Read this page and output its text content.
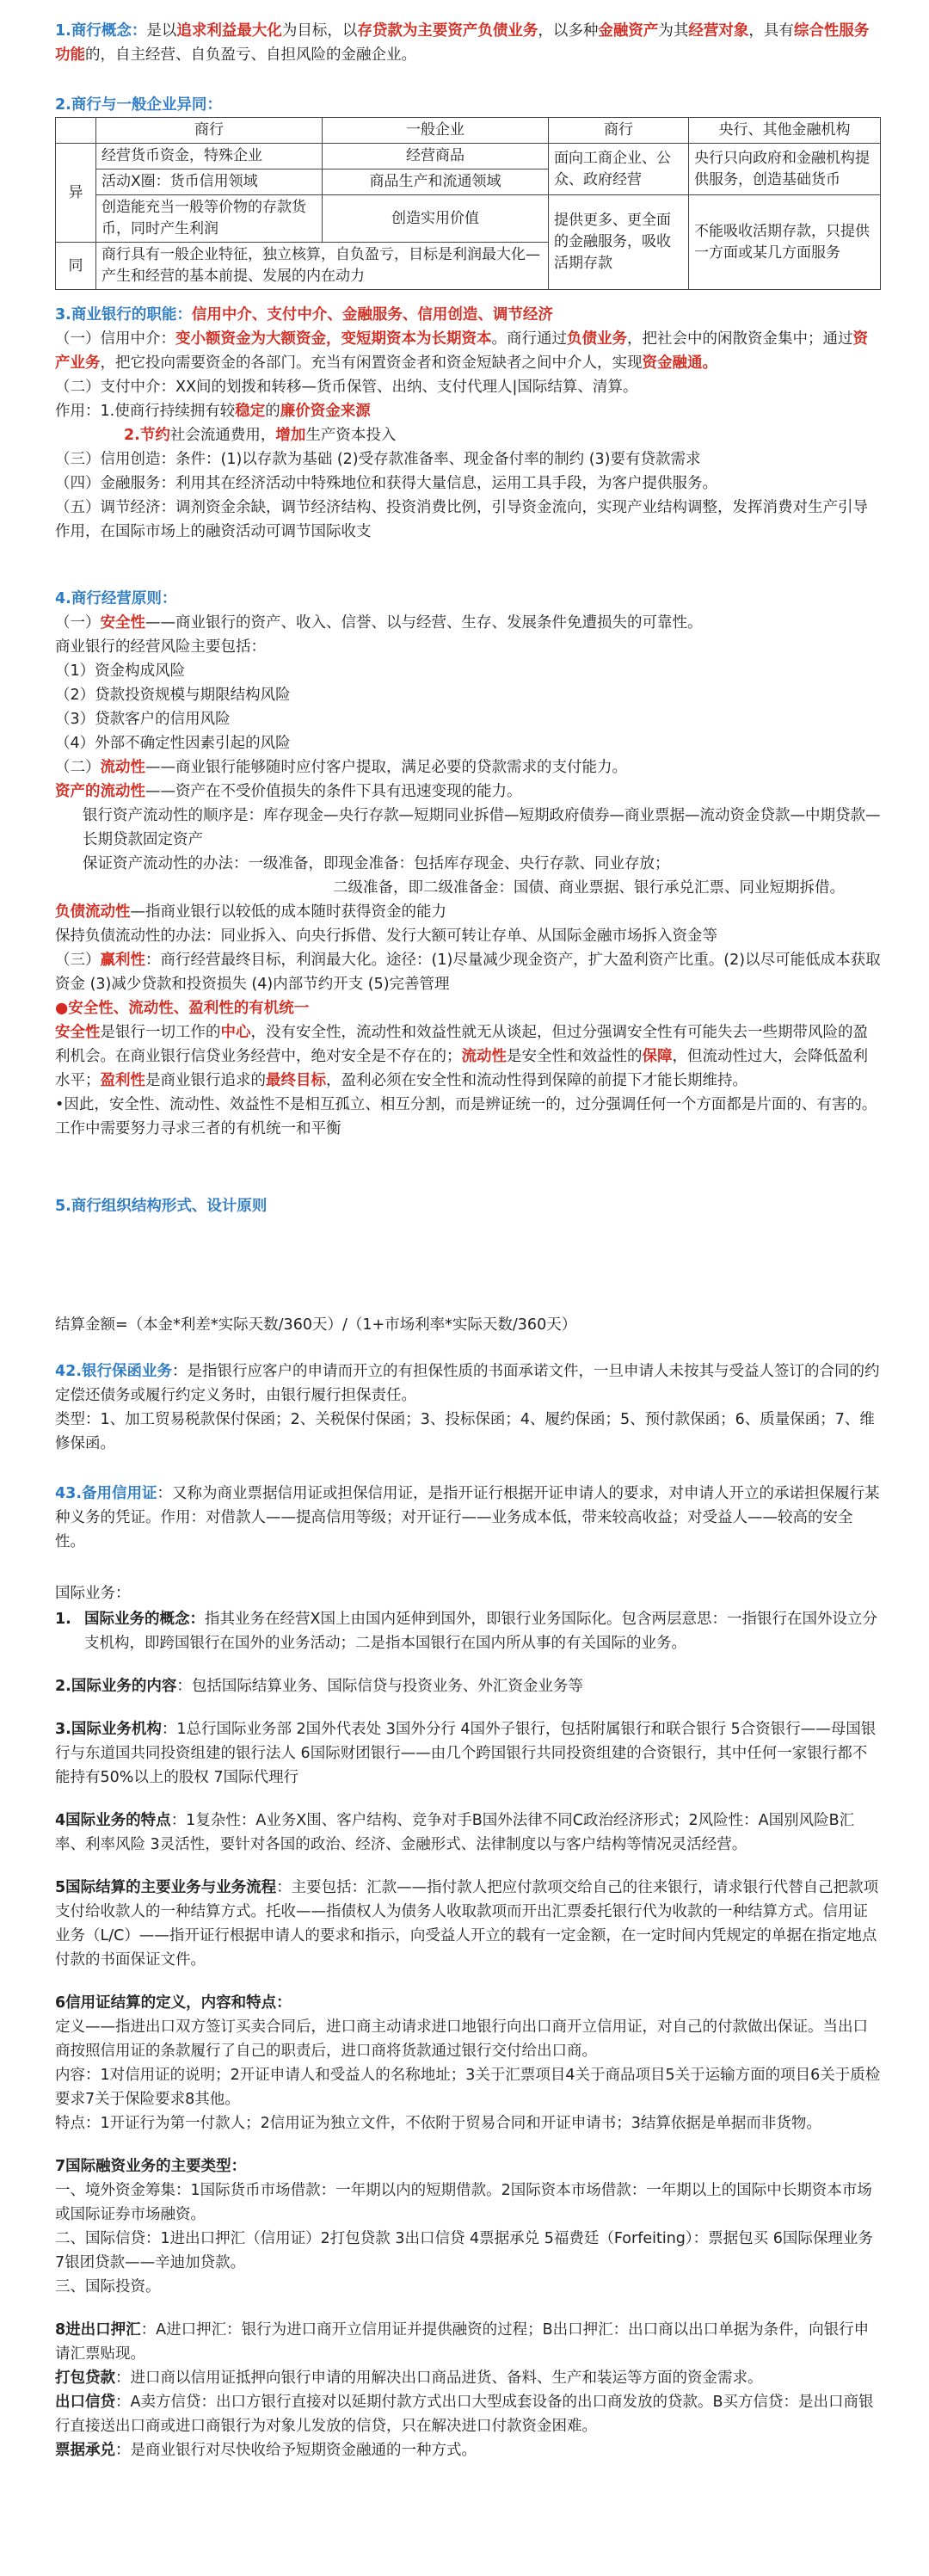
1.商行概念：是以追求利益最大化为目标，以存贷款为主要资产负债业务，以多种金融资产为其经营对象，具有综合性服务功能的，自主经营、自负盈亏、自担风险的金融企业。

2.商行与一般企业异同：

	商行	一般企业	商行	央行、其他金融机构
异	经营货币资金，特殊企业	经营商品	面向工商企业、公众、政府经营	央行只向政府和金融机构提供服务，创造基础货币
	活动X圈：货币信用领域	商品生产和流通领域		
	创造能充当一般等价物的存款货币，同时产生利润	创造实用价值	提供更多、更全面的金融服务，吸收活期存款	不能吸收活期存款，只提供一方面或某几方面服务
同	商行具有一般企业特征，独立核算，自负盈亏，目标是利润最大化—产生和经营的基本前提、发展的内在动力			

3.商业银行的职能：信用中介、支付中介、金融服务、信用创造、调节经济

（一）信用中介：变小额资金为大额资金，变短期资本为长期资本。商行通过负债业务，把社会中的闲散资金集中；通过资产业务，把它投向需要资金的各部门。充当有闲置资金者和资金短缺者之间中介人，实现资金融通。

（二）支付中介：XX间的划拨和转移—货币保管、出纳、支付代理人|国际结算、清算。

作用：1.使商行持续拥有较稳定的廉价资金来源

2.节约社会流通费用，增加生产资本投入

（三）信用创造：条件：(1)以存款为基础 (2)受存款准备率、现金备付率的制约 (3)要有贷款需求

（四）金融服务：利用其在经济活动中特殊地位和获得大量信息，运用工具手段，为客户提供服务。

（五）调节经济：调剂资金余缺，调节经济结构、投资消费比例，引导资金流向，实现产业结构调整，发挥消费对生产引导作用，在国际市场上的融资活动可调节国际收支

4.商行经营原则：

（一）安全性——商业银行的资产、收入、信誉、以与经营、生存、发展条件免遭损失的可靠性。

商业银行的经营风险主要包括：

（1）资金构成风险

（2）贷款投资规模与期限结构风险

（3）贷款客户的信用风险

（4）外部不确定性因素引起的风险

（二）流动性——商业银行能够随时应付客户提取，满足必要的贷款需求的支付能力。

资产的流动性——资产在不受价值损失的条件下具有迅速变现的能力。

银行资产流动性的顺序是：库存现金—央行存款—短期同业拆借—短期政府债券—商业票据—流动资金贷款—中期贷款—长期贷款固定资产

保证资产流动性的办法：一级准备，即现金准备：包括库存现金、央行存款、同业存放；

二级准备，即二级准备金：国债、商业票据、银行承兑汇票、同业短期拆借。

负债流动性—指商业银行以较低的成本随时获得资金的能力

保持负债流动性的办法：同业拆入、向央行拆借、发行大额可转让存单、从国际金融市场拆入资金等

（三）赢利性：商行经营最终目标，利润最大化。途径：(1)尽量减少现金资产，扩大盈利资产比重。(2)以尽可能低成本获取资金 (3)减少贷款和投资损失 (4)内部节约开支 (5)完善管理

●安全性、流动性、盈利性的有机统一

安全性是银行一切工作的中心，没有安全性，流动性和效益性就无从谈起，但过分强调安全性有可能失去一些期带风险的盈利机会。在商业银行信贷业务经营中，绝对安全是不存在的；流动性是安全性和效益性的保障，但流动性过大，会降低盈利水平；盈利性是商业银行追求的最终目标，盈利必须在安全性和流动性得到保障的前提下才能长期维持。

•因此，安全性、流动性、效益性不是相互孤立、相互分割，而是辨证统一的，过分强调任何一个方面都是片面的、有害的。工作中需要努力寻求三者的有机统一和平衡

5.商行组织结构形式、设计原则

结算金额=（本金*利差*实际天数/360天）/（1+市场利率*实际天数/360天）

42.银行保函业务：是指银行应客户的申请而开立的有担保性质的书面承诺文件，一旦申请人未按其与受益人签订的合同的约定偿还债务或履行约定义务时，由银行履行担保责任。

类型：1、加工贸易税款保付保函；2、关税保付保函；3、投标保函；4、履约保函；5、预付款保函；6、质量保函；7、维修保函。

43.备用信用证：又称为商业票据信用证或担保信用证，是指开证行根据开证申请人的要求，对申请人开立的承诺担保履行某种义务的凭证。作用：对借款人——提高信用等级；对开证行——业务成本低，带来较高收益；对受益人——较高的安全性。

国际业务：

1. 国际业务的概念：指其业务在经营X国上由国内延伸到国外，即银行业务国际化。包含两层意思：一指银行在国外设立分支机构，即跨国银行在国外的业务活动；二是指本国银行在国内所从事的有关国际的业务。

2.国际业务的内容：包括国际结算业务、国际信贷与投资业务、外汇资金业务等

3.国际业务机构：1总行国际业务部 2国外代表处 3国外分行 4国外子银行，包括附属银行和联合银行 5合资银行——母国银行与东道国共同投资组建的银行法人 6国际财团银行——由几个跨国银行共同投资组建的合资银行，其中任何一家银行都不能持有50%以上的股权 7国际代理行

4国际业务的特点：1复杂性：A业务X围、客户结构、竞争对手B国外法律不同C政治经济形式；2风险性：A国别风险B汇率、利率风险 3灵活性，要针对各国的政治、经济、金融形式、法律制度以与客户结构等情况灵活经营。

5国际结算的主要业务与业务流程：主要包括：汇款——指付款人把应付款项交给自己的往来银行，请求银行代替自己把款项支付给收款人的一种结算方式。托收——指债权人为债务人收取款项而开出汇票委托银行代为收款的一种结算方式。信用证业务（L/C）——指开证行根据申请人的要求和指示，向受益人开立的载有一定金额，在一定时间内凭规定的单据在指定地点付款的书面保证文件。

6信用证结算的定义，内容和特点：

定义——指进出口双方签订买卖合同后，进口商主动请求进口地银行向出口商开立信用证，对自己的付款做出保证。当出口商按照信用证的条款履行了自己的职责后，进口商将货款通过银行交付给出口商。

内容：1对信用证的说明；2开证申请人和受益人的名称地址；3关于汇票项目4关于商品项目5关于运输方面的项目6关于质检要求7关于保险要求8其他。

特点：1开证行为第一付款人；2信用证为独立文件，不依附于贸易合同和开证申请书；3结算依据是单据而非货物。

7国际融资业务的主要类型：

一、境外资金筹集：1国际货币市场借款：一年期以内的短期借款。2国际资本市场借款：一年期以上的国际中长期资本市场或国际证券市场融资。

二、国际信贷：1进出口押汇（信用证）2打包贷款 3出口信贷 4票据承兑 5福费廷（Forfeiting）：票据包买 6国际保理业务 7银团贷款——辛迪加贷款。

三、国际投资。

8进出口押汇：A进口押汇：银行为进口商开立信用证并提供融资的过程；B出口押汇：出口商以出口单据为条件，向银行申请汇票贴现。

打包贷款：进口商以信用证抵押向银行申请的用解决出口商品进货、备料、生产和装运等方面的资金需求。

出口信贷：A卖方信贷：出口方银行直接对以延期付款方式出口大型成套设备的出口商发放的贷款。B买方信贷：是出口商银行直接送出口商或进口商银行为对象儿发放的信贷，只在解决进口付款资金困难。

票据承兑：是商业银行对尽快收给予短期资金融通的一种方式。
